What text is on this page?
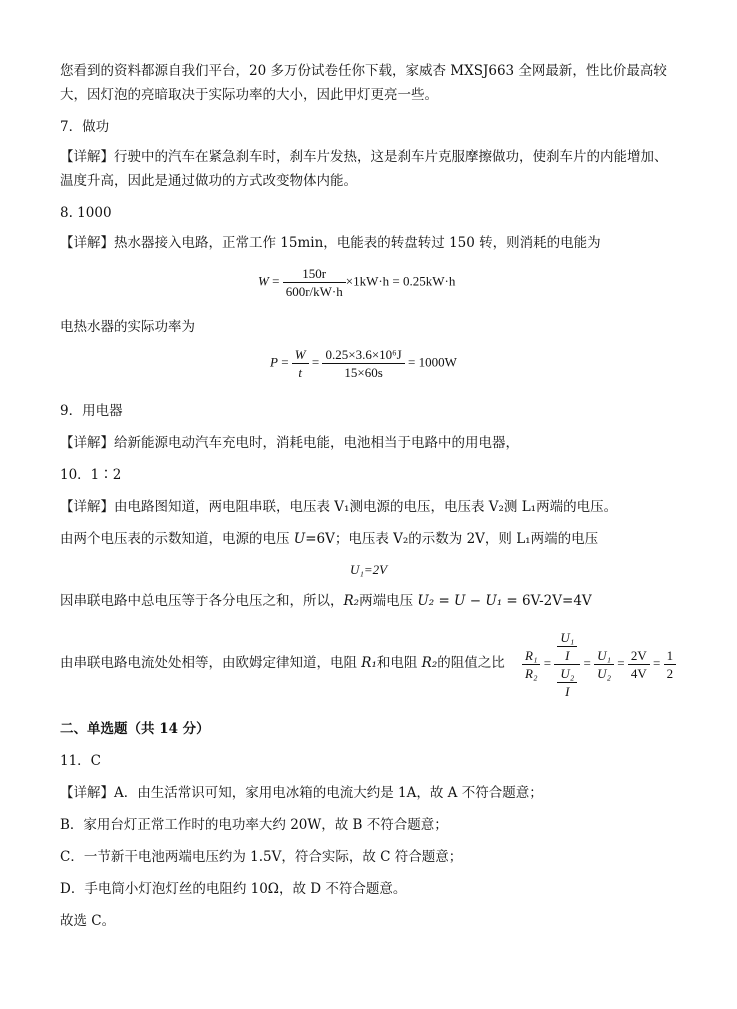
您看到的资料都源自我们平台，20 多万份试卷任你下载，家威杏 MXSJ663 全网最新，性比价最高较
大，因灯泡的亮暗取决于实际功率的大小，因此甲灯更亮一些。
7．做功
【详解】行驶中的汽车在紧急刹车时，刹车片发热，这是刹车片克服摩擦做功，使刹车片的内能增加、
温度升高，因此是通过做功的方式改变物体内能。
8. 1000
【详解】热水器接入电路，正常工作 15min，电能表的转盘转过 150 转，则消耗的电能为
$W = \frac{150r}{600r/kW\cdot h} \times 1kW\cdot h = 0.25kW\cdot h$
电热水器的实际功率为
$P = \frac{W}{t} = \frac{\text{0.25×3.6×10⁶J}}{15\times 60s} = 1000W$
9．用电器
【详解】给新能源电动汽车充电时，消耗电能，电池相当于电路中的用电器，
10．1∶2
【详解】由电路图知道，两电阻串联，电压表 V₁测电源的电压，电压表 V₂测 L₁两端的电压。
由两个电压表的示数知道，电源的电压 U=6V；电压表 V₂的示数为 2V，则 L₁两端的电压
U₁=2V
因串联电路中总电压等于各分电压之和，所以，R₂两端电压 U₂ = U − U₁ = 6V-2V=4V
由串联电路电流处处相等，由欧姆定律知道，电阻 R₁和电阻 R₂的阻值之比 $\frac{\text{R₁}}{\text{R₂}} = \frac{\frac{\text{U₁}}{I}}{\frac{\text{U₂}}{I}} = \frac{\text{U₁}}{\text{U₂}} = \frac{2V}{4V} = \frac{1}{2}$
二、单选题（共 14 分）
11．C
【详解】A．由生活常识可知，家用电冰箱的电流大约是 1A，故 A 不符合题意；
B．家用台灯正常工作时的电功率大约 20W，故 B 不符合题意；
C．一节新干电池两端电压约为 1.5V，符合实际，故 C 符合题意；
D．手电筒小灯泡灯丝的电阻约 10Ω，故 D 不符合题意。
故选 C。
